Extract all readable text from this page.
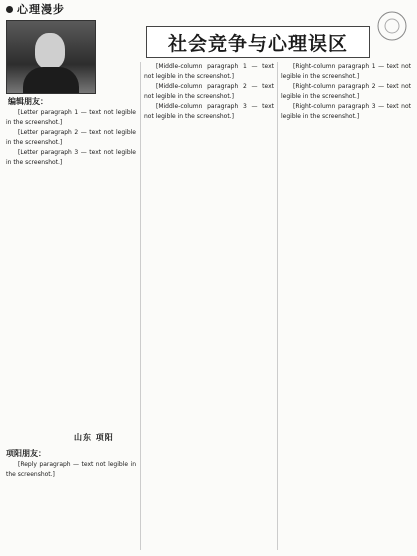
心理漫步
编辑朋友：
社会竞争与心理误区

[Letter paragraph 1 — text not legible in the screenshot.]

[Letter paragraph 2 — text not legible in the screenshot.]

[Letter paragraph 3 — text not legible in the screenshot.]

山东 项阳
项阳朋友：

[Reply paragraph — text not legible in the screenshot.]

[Middle-column paragraph 1 — text not legible in the screenshot.]

[Middle-column paragraph 2 — text not legible in the screenshot.]

[Middle-column paragraph 3 — text not legible in the screenshot.]

[Right-column paragraph 1 — text not legible in the screenshot.]

[Right-column paragraph 2 — text not legible in the screenshot.]

[Right-column paragraph 3 — text not legible in the screenshot.]
